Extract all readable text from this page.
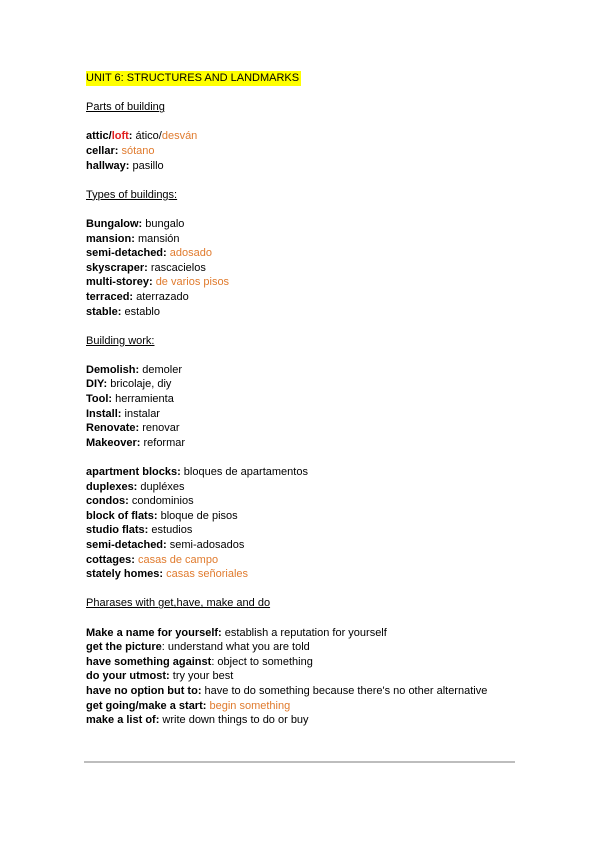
UNIT 6: STRUCTURES AND LANDMARKS
Parts of building
attic/loft: ático/desván
cellar: sótano
hallway: pasillo
Types of buildings:
Bungalow: bungalo
mansion: mansión
semi-detached: adosado
skyscraper: rascacielos
multi-storey: de varios pisos
terraced: aterrazado
stable: establo
Building work:
Demolish: demoler
DIY: bricolaje, diy
Tool: herramienta
Install: instalar
Renovate: renovar
Makeover: reformar
apartment blocks: bloques de apartamentos
duplexes: dupléxes
condos: condominios
block of flats: bloque de pisos
studio flats: estudios
semi-detached: semi-adosados
cottages: casas de campo
stately homes: casas señoriales
Pharases with get,have, make and do
Make a name for yourself: establish a reputation for yourself
get the picture: understand what you are told
have something against: object to something
do your utmost: try your best
have no option but to: have to do something because there's no other alternative
get going/make a start: begin something
make a list of: write down things to do or buy
